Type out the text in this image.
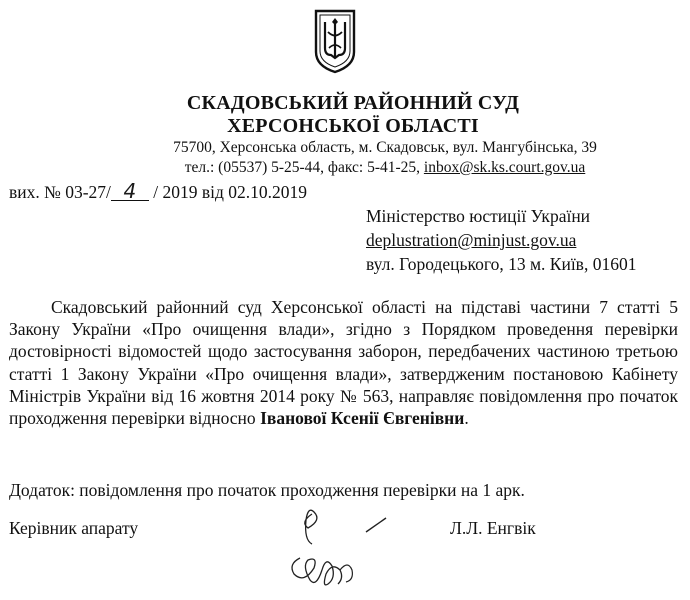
СКАДОВСЬКИЙ РАЙОННИЙ СУД
ХЕРСОНСЬКОЇ ОБЛАСТІ

75700, Херсонська область, м. Скадовськ, вул. Мангубінська, 39

тел.: (05537) 5-25-44, факс: 5-41-25, inbox@sk.ks.court.gov.ua

вих. № 03-27/ 4 / 2019 від 02.10.2019

Міністерство юстиції України

deplustration@minjust.gov.ua

вул. Городецького, 13 м. Київ, 01601

Скадовський районний суд Херсонської області на підставі частини 7 статті 5 Закону України «Про очищення влади», згідно з Порядком проведення перевірки достовірності відомостей щодо застосування заборон, передбачених частиною третьою статті 1 Закону України «Про очищення влади», затвердженим постановою Кабінету Міністрів України від 16 жовтня 2014 року № 563, направляє повідомлення про початок проходження перевірки відносно Іванової Ксенії Євгенівни.

Додаток: повідомлення про початок проходження перевірки на 1 арк.

Керівник апарату	Л.Л. Енгвік
